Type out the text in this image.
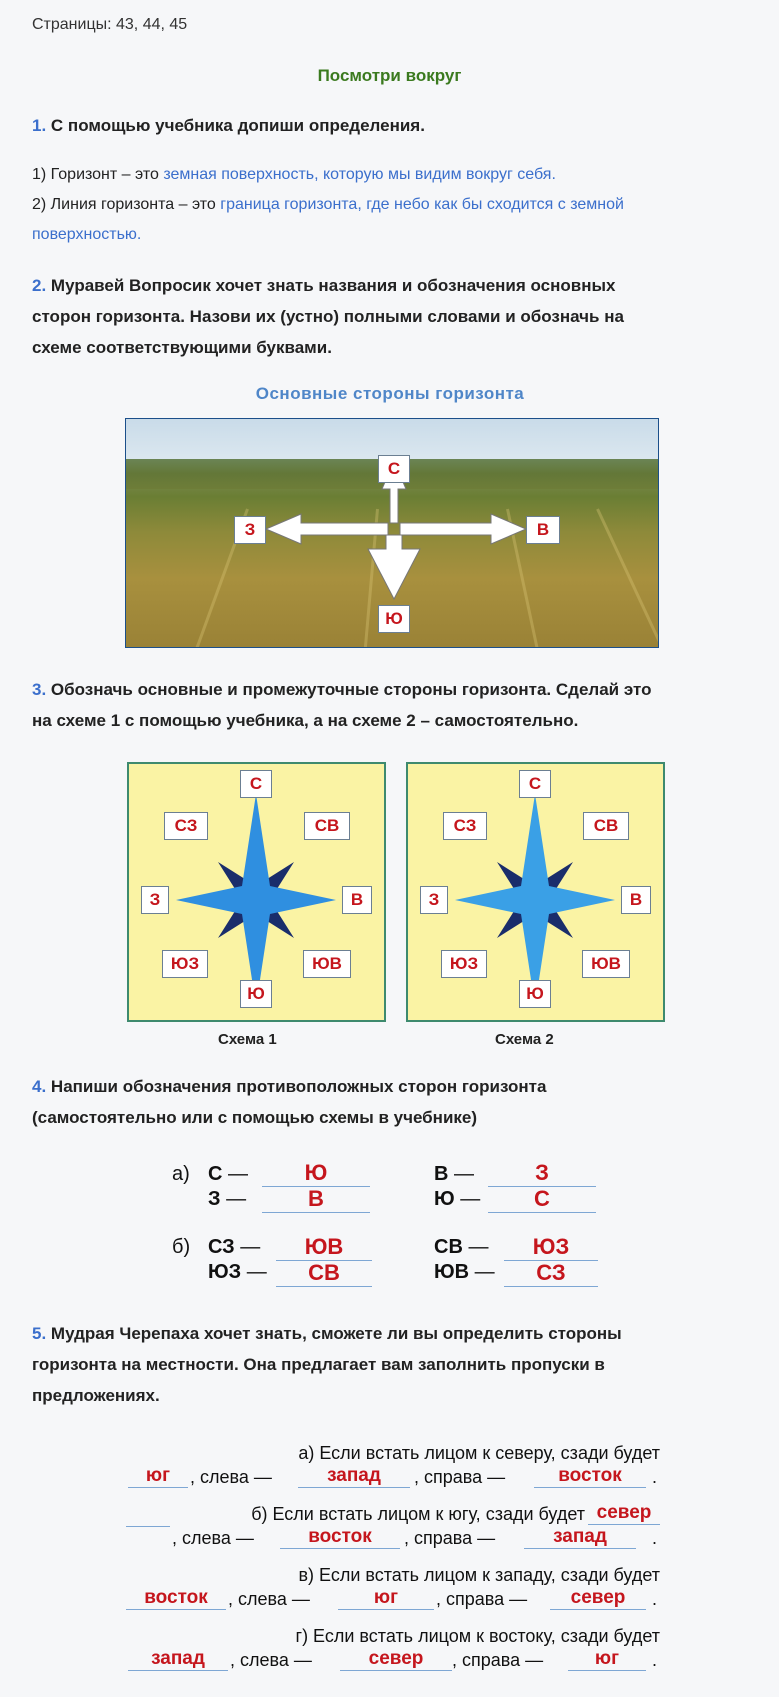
Страницы: 43, 44, 45
Посмотри вокруг
1. С помощью учебника допиши определения.
1) Горизонт – это земная поверхность, которую мы видим вокруг себя.
2) Линия горизонта – это граница горизонта, где небо как бы сходится с земной
поверхностью.
2. Муравей Вопросик хочет знать названия и обозначения основных
сторон горизонта. Назови их (устно) полными словами и обозначь на
схеме соответствующими буквами.
Основные стороны горизонта
С
З	В
Ю
3. Обозначь основные и промежуточные стороны горизонта. Сделай это
на схеме 1 с помощью учебника, а на схеме 2 – самостоятельно.
С
СЗ	СВ
З	В
ЮЗ	ЮВ
Ю
Схема 1
С
СЗ	СВ
З	В
ЮЗ	ЮВ
Ю
Схема 2
4. Напиши обозначения противоположных сторон горизонта
(самостоятельно или с помощью схемы в учебнике)
а) С —	Ю	В —	З
З —	В	Ю —	С
б) СЗ —	ЮВ	СВ —	ЮЗ
ЮЗ —	СВ	ЮВ —	СЗ
5. Мудрая Черепаха хочет знать, сможете ли вы определить стороны
горизонта на местности. Она предлагает вам заполнить пропуски в
предложениях.
а) Если встать лицом к северу, сзади будет
юг	, слева —	запад	, справа —	восток	.
б) Если встать лицом к югу, сзади будет север
, слева —	восток	, справа —	запад	.
в) Если встать лицом к западу, сзади будет
восток	, слева —	юг	, справа —	север	.
г) Если встать лицом к востоку, сзади будет
запад	, слева —	север	, справа —	юг	.
